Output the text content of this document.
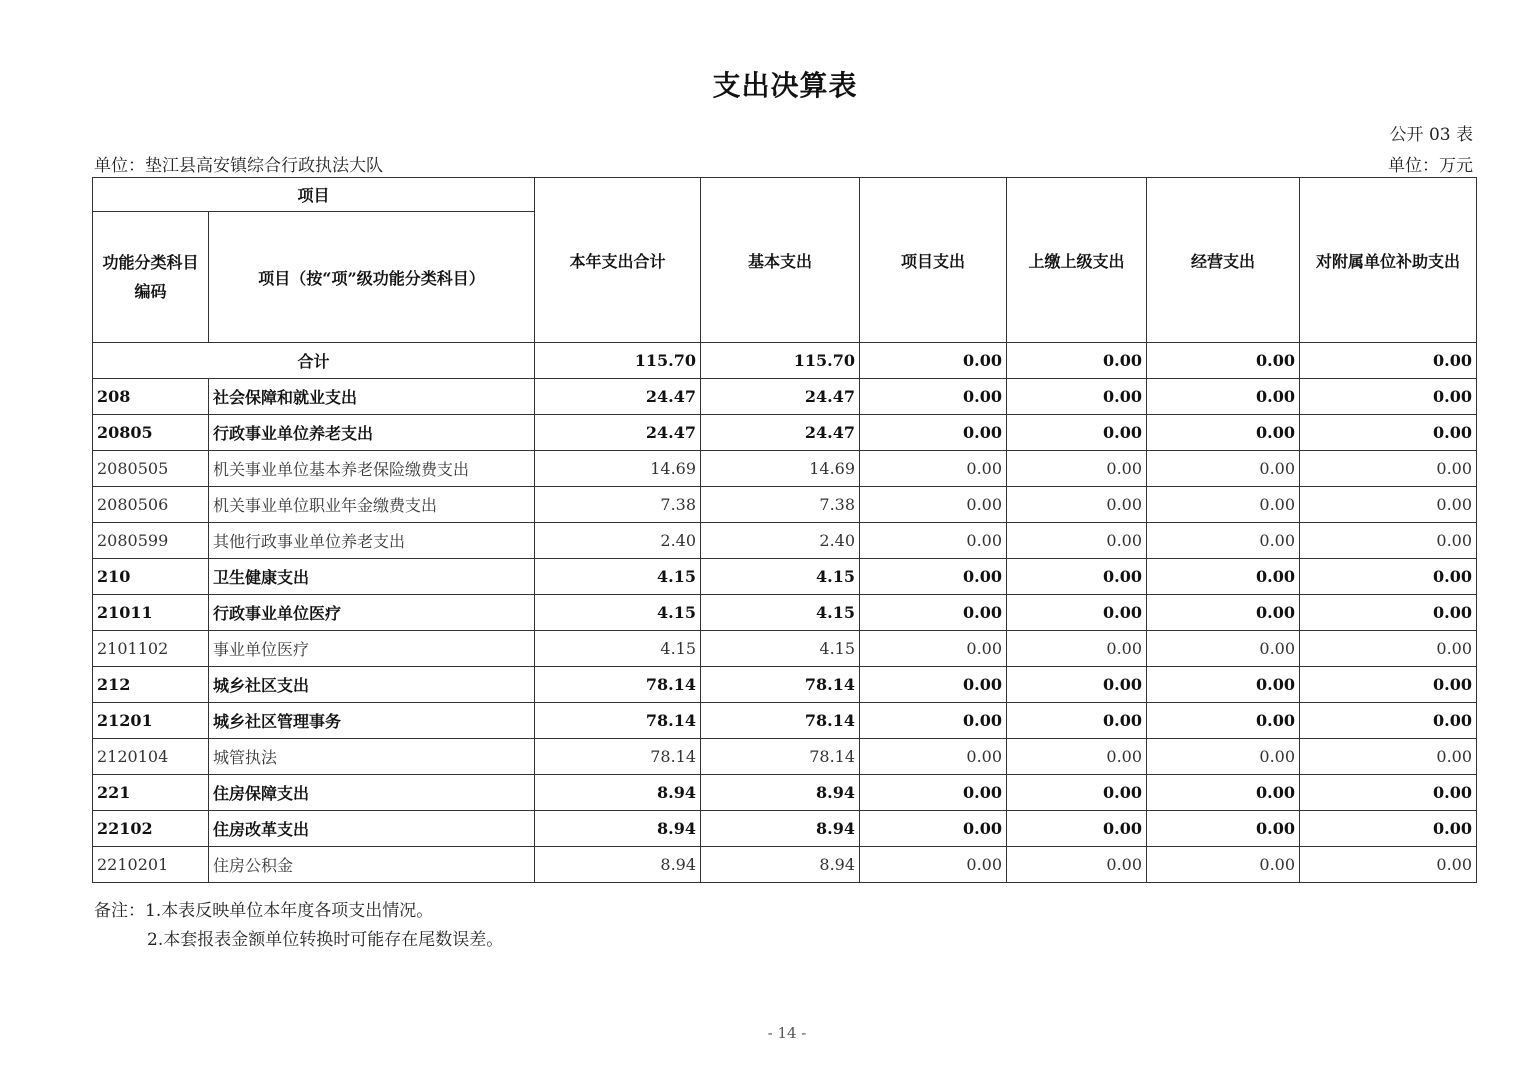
支出决算表
公开 03 表
单位：垫江县高安镇综合行政执法大队	单位：万元
项目		本年支出合计	基本支出	项目支出	上缴上级支出	经营支出	对附属单位补助支出
功能分类科目编码	项目（按“项”级功能分类科目）						
合计		115.70	115.70	0.00	0.00	0.00	0.00
208	社会保障和就业支出	24.47	24.47	0.00	0.00	0.00	0.00
20805	行政事业单位养老支出	24.47	24.47	0.00	0.00	0.00	0.00
2080505	机关事业单位基本养老保险缴费支出	14.69	14.69	0.00	0.00	0.00	0.00
2080506	机关事业单位职业年金缴费支出	7.38	7.38	0.00	0.00	0.00	0.00
2080599	其他行政事业单位养老支出	2.40	2.40	0.00	0.00	0.00	0.00
210	卫生健康支出	4.15	4.15	0.00	0.00	0.00	0.00
21011	行政事业单位医疗	4.15	4.15	0.00	0.00	0.00	0.00
2101102	事业单位医疗	4.15	4.15	0.00	0.00	0.00	0.00
212	城乡社区支出	78.14	78.14	0.00	0.00	0.00	0.00
21201	城乡社区管理事务	78.14	78.14	0.00	0.00	0.00	0.00
2120104	城管执法	78.14	78.14	0.00	0.00	0.00	0.00
221	住房保障支出	8.94	8.94	0.00	0.00	0.00	0.00
22102	住房改革支出	8.94	8.94	0.00	0.00	0.00	0.00
2210201	住房公积金	8.94	8.94	0.00	0.00	0.00	0.00
备注：1.本表反映单位本年度各项支出情况。
2.本套报表金额单位转换时可能存在尾数误差。
- 14 -
